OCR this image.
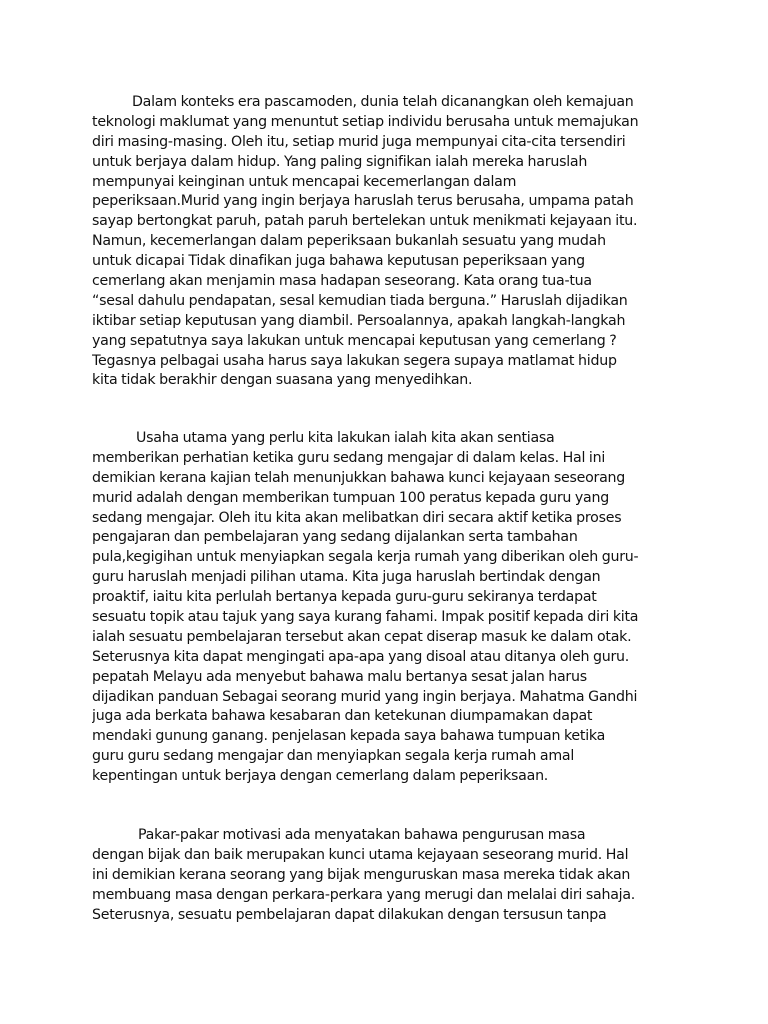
Dalam konteks era pascamoden, dunia telah dicanangkan oleh kemajuan
teknologi maklumat yang menuntut setiap individu berusaha untuk memajukan
diri masing-masing. Oleh itu, setiap murid juga mempunyai cita-cita tersendiri
untuk berjaya dalam hidup. Yang paling signifikan ialah mereka haruslah
mempunyai keinginan untuk mencapai kecemerlangan dalam
peperiksaan.Murid yang ingin berjaya haruslah terus berusaha, umpama patah
sayap bertongkat paruh, patah paruh bertelekan untuk menikmati kejayaan itu.
Namun, kecemerlangan dalam peperiksaan bukanlah sesuatu yang mudah
untuk dicapai Tidak dinafikan juga bahawa keputusan peperiksaan yang
cemerlang akan menjamin masa hadapan seseorang. Kata orang tua-tua
“sesal dahulu pendapatan, sesal kemudian tiada berguna.” Haruslah dijadikan
iktibar setiap keputusan yang diambil. Persoalannya, apakah langkah-langkah
yang sepatutnya saya lakukan untuk mencapai keputusan yang cemerlang ?
Tegasnya pelbagai usaha harus saya lakukan segera supaya matlamat hidup
kita tidak berakhir dengan suasana yang menyedihkan.

Usaha utama yang perlu kita lakukan ialah kita akan sentiasa
memberikan perhatian ketika guru sedang mengajar di dalam kelas. Hal ini
demikian kerana kajian telah menunjukkan bahawa kunci kejayaan seseorang
murid adalah dengan memberikan tumpuan 100 peratus kepada guru yang
sedang mengajar. Oleh itu kita akan melibatkan diri secara aktif ketika proses
pengajaran dan pembelajaran yang sedang dijalankan serta tambahan
pula,kegigihan untuk menyiapkan segala kerja rumah yang diberikan oleh guru-
guru haruslah menjadi pilihan utama. Kita juga haruslah bertindak dengan
proaktif, iaitu kita perlulah bertanya kepada guru-guru sekiranya terdapat
sesuatu topik atau tajuk yang saya kurang fahami. Impak positif kepada diri kita
ialah sesuatu pembelajaran tersebut akan cepat diserap masuk ke dalam otak.
Seterusnya kita dapat mengingati apa-apa yang disoal atau ditanya oleh guru.
pepatah Melayu ada menyebut bahawa malu bertanya sesat jalan harus
dijadikan panduan Sebagai seorang murid yang ingin berjaya. Mahatma Gandhi
juga ada berkata bahawa kesabaran dan ketekunan diumpamakan dapat
mendaki gunung ganang. penjelasan kepada saya bahawa tumpuan ketika
guru guru sedang mengajar dan menyiapkan segala kerja rumah amal
kepentingan untuk berjaya dengan cemerlang dalam peperiksaan.

Pakar-pakar motivasi ada menyatakan bahawa pengurusan masa
dengan bijak dan baik merupakan kunci utama kejayaan seseorang murid. Hal
ini demikian kerana seorang yang bijak menguruskan masa mereka tidak akan
membuang masa dengan perkara-perkara yang merugi dan melalai diri sahaja.
Seterusnya, sesuatu pembelajaran dapat dilakukan dengan tersusun tanpa
